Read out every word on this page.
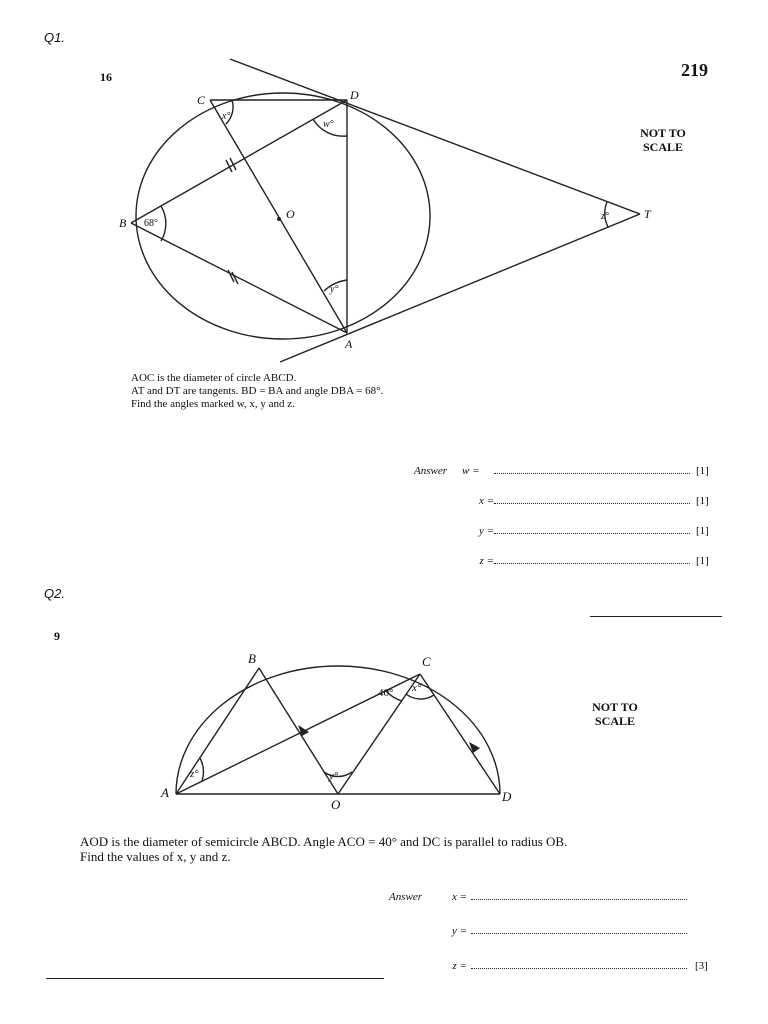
Q1.
16	219
NOT TO
SCALE
C	D
B
A
T
O
68°
x°
w°
y°
z°
AOC is the diameter of circle ABCD.
AT and DT are tangents. BD = BA and angle DBA = 68°.
Find the angles marked w, x, y and z.
Answer w =	[1]
x =	[1]
y =	[1]
z =	[1]
Q2.
9
NOT TO
SCALE
A
B	C
D
O
z°	y°
40° x°
AOD is the diameter of semicircle ABCD. Angle ACO = 40° and DC is parallel to radius OB.
Find the values of x, y and z.
Answer	x =
y =
z =	[3]
